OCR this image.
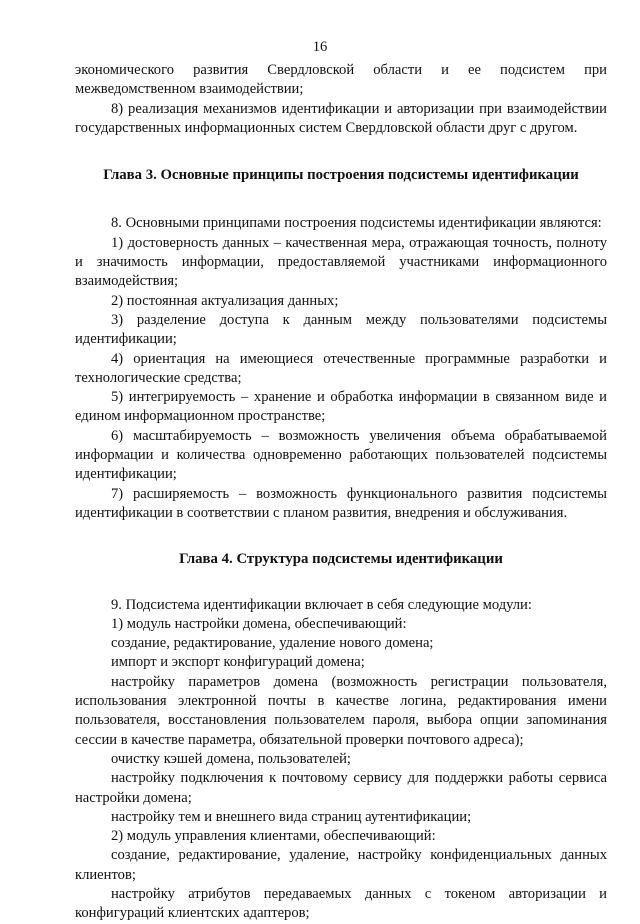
16

экономического развития Свердловской области и ее подсистем при межведомственном взаимодействии;

8) реализация механизмов идентификации и авторизации при взаимодействии государственных информационных систем Свердловской области друг с другом.

Глава 3. Основные принципы построения подсистемы идентификации

8. Основными принципами построения подсистемы идентификации являются:

1) достоверность данных – качественная мера, отражающая точность, полноту и значимость информации, предоставляемой участниками информационного взаимодействия;

2) постоянная актуализация данных;

3) разделение доступа к данным между пользователями подсистемы идентификации;

4) ориентация на имеющиеся отечественные программные разработки и технологические средства;

5) интегрируемость – хранение и обработка информации в связанном виде и едином информационном пространстве;

6) масштабируемость – возможность увеличения объема обрабатываемой информации и количества одновременно работающих пользователей подсистемы идентификации;

7) расширяемость – возможность функционального развития подсистемы идентификации в соответствии с планом развития, внедрения и обслуживания.

Глава 4. Структура подсистемы идентификации

9. Подсистема идентификации включает в себя следующие модули:

1) модуль настройки домена, обеспечивающий:

создание, редактирование, удаление нового домена;

импорт и экспорт конфигураций домена;

настройку параметров домена (возможность регистрации пользователя, использования электронной почты в качестве логина, редактирования имени пользователя, восстановления пользователем пароля, выбора опции запоминания сессии в качестве параметра, обязательной проверки почтового адреса);

очистку кэшей домена, пользователей;

настройку подключения к почтовому сервису для поддержки работы сервиса настройки домена;

настройку тем и внешнего вида страниц аутентификации;

2) модуль управления клиентами, обеспечивающий:

создание, редактирование, удаление, настройку конфиденциальных данных клиентов;

настройку атрибутов передаваемых данных с токеном авторизации и конфигураций клиентских адаптеров;
